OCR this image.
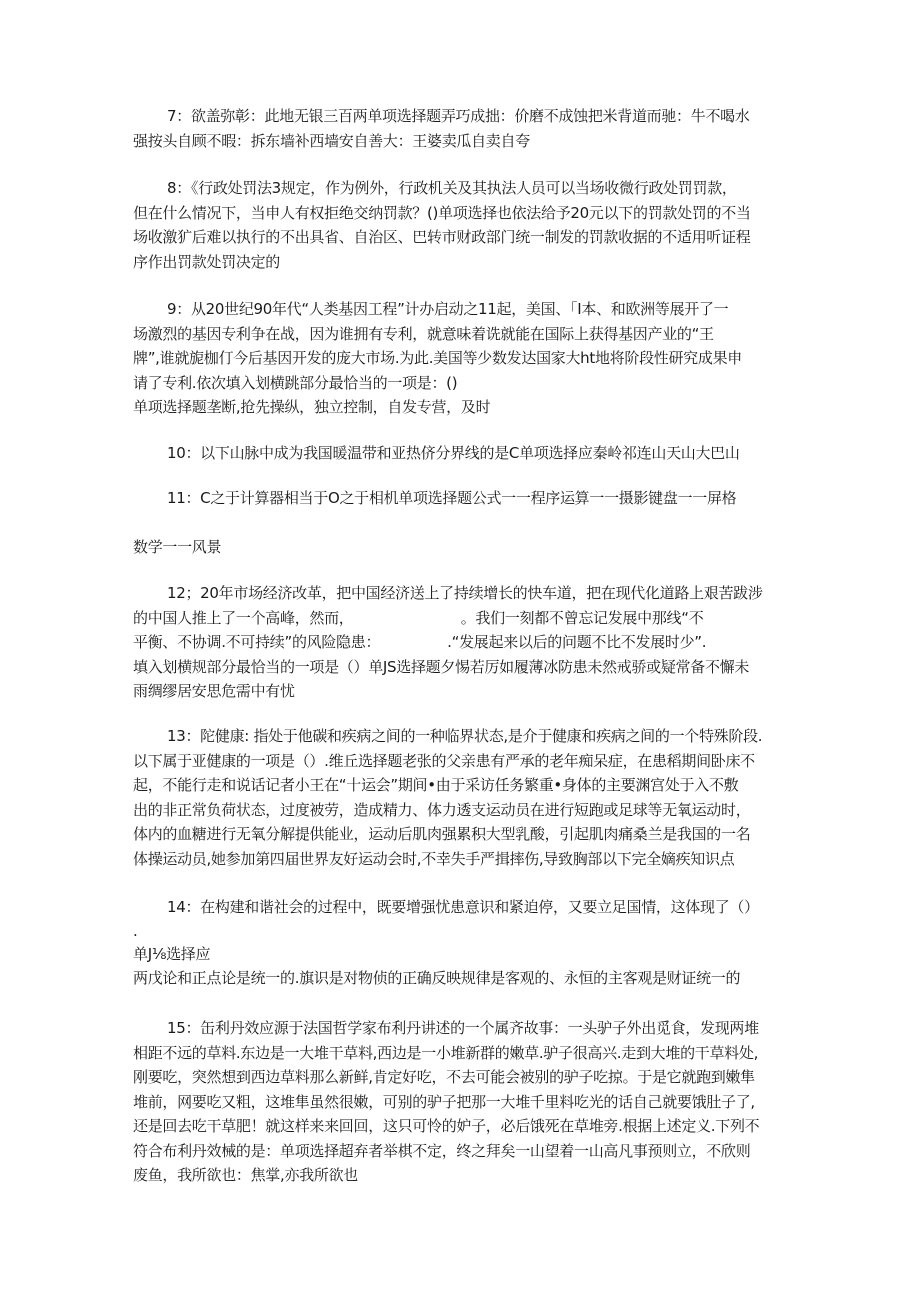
7：欲盖弥彰：此地无银三百两单项选择题弄巧成拙：价磨不成蚀把米背道而驰：牛不喝水

强按头自顾不暇：拆东墙补西墙安自善大：王婆卖瓜自卖自夸

8：《行政处罚法3规定，作为例外，行政机关及其执法人员可以当场收微行政处罚罚款，

但在什么情况下，当申人有权拒绝交纳罚款？()单项选择也依法给予20元以下的罚款处罚的不当

场收激犷后难以执行的不出具省、自治区、巴转市财政部门统一制发的罚款收据的不适用听证程

序作出罚款处罚决定的

9：从20世纪90年代“人类基因工程”计办启动之11起，美国、「I本、和欧洲等展开了一

场激烈的基因专利争在战，因为谁拥有专利，就意味着诜就能在国际上获得基因产业的“王

牌”,谁就旎枷仃今后基因开发的庞大市场.为此.美国等少数发达国家大ht地将阶段性研究成果申

请了专利.依次填入划横跳部分最恰当的一项是：()

单项选择题垄断,抢先操纵，独立控制，自发专营，及时

10：以下山脉中成为我国暖温带和亚热侪分界线的是C单项选择应秦岭祁连山天山大巴山

11：C之于计算器相当于O之于相机单项选择题公式一一程序运算一一摄影键盘一一屏格

数学一一风景

12；20年市场经济改革，把中国经济送上了持续增长的快车道，把在现代化道路上艰苦跋涉

的中国人推上了一个高峰，然而，                        。我们一刻都不曾忘记发展中那线“不

平衡、不协调.不可持续”的风险隐患：               .“发展起来以后的问题不比不发展时少”.

填入划横规部分最恰当的一项是（）单JS选择题夕惕若厉如履薄冰防患未然戒骄或疑常备不懈未

雨绸缪居安思危需中有忧

13：陀健康: 指处于他碳和疾病之间的一种临界状态,是介于健康和疾病之间的一个特殊阶段.

以下属于亚健康的一项是（）.维丘选择题老张的父亲患有严承的老年痴呆症，在患稻期间卧床不

起，不能行走和说话记者小王在“十运会”期间•由于采访任务繁重•身体的主要渊宫处于入不敷

出的非正常负荷状态，过度被劳，造成精力、体力透支运动员在进行短跑或足球等无氧运动时，

体内的血糖进行无氧分解提供能业，运动后肌肉强累积大型乳酸，引起肌肉痛桑兰是我国的一名

体操运动员,她参加第四届世界友好运动会时,不幸失手严揖摔伤,导致胸部以下完全嫡疾知识点

14：在构建和谐社会的过程中，既要增强忧患意识和紧迫停，又要立足国情，这体现了（）

.

单J⅛选择应

两戊论和正点论是统一的.旗识是对物侦的正确反映规律是客观的、永恒的主客观是财证统一的

15：缶利丹效应源于法国哲学家布利丹讲述的一个属齐故事：一头驴子外出觅食，发现两堆

相距不远的草料.东边是一大堆干草料,西边是一小堆新群的嫩草.驴子很高兴.走到大堆的干草料处,

刚要吃，突然想到西边草料那么新鲜,肯定好吃，不去可能会被别的驴子吃掠。于是它就跑到嫩隼

堆前，网要吃又粗，这堆隼虽然很嫩，可别的驴子把那一大堆千里料吃光的话自己就要饿肚子了,

还是回去吃干草肥！就这样来来回回，这只可怜的妒子，必后饿死在草堆旁.根据上述定义.下列不

符合布利丹效械的是：单项选择超弃者举棋不定，终之拜矣一山望着一山高凡事预则立，不欣则

废鱼，我所欲也：焦掌,亦我所欲也
